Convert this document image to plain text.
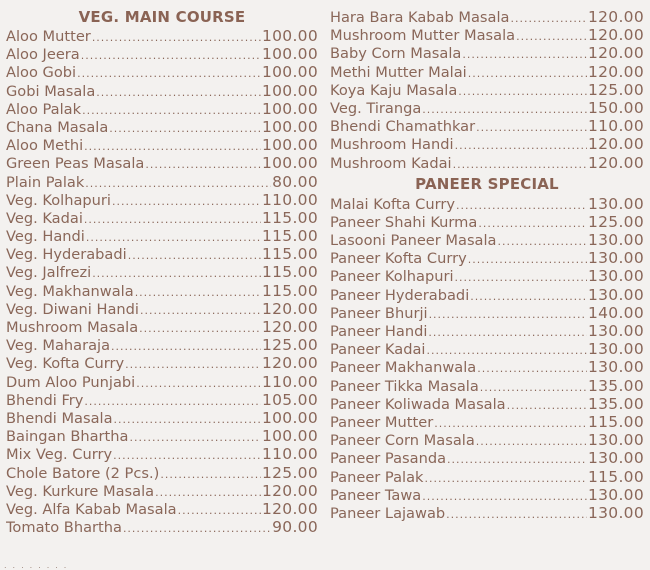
VEG. MAIN COURSE
Aloo Mutter .....	100.00
Aloo Jeera .....	100.00
Aloo Gobi .....	100.00
Gobi Masala .....	100.00
Aloo Palak .....	100.00
Chana Masala .....	100.00
Aloo Methi .....	100.00
Green Peas Masala .....	100.00
Plain Palak .....	80.00
Veg. Kolhapuri .....	110.00
Veg. Kadai .....	115.00
Veg. Handi .....	115.00
Veg. Hyderabadi .....	115.00
Veg. Jalfrezi .....	115.00
Veg. Makhanwala .....	115.00
Veg. Diwani Handi .....	120.00
Mushroom Masala .....	120.00
Veg. Maharaja .....	125.00
Veg. Kofta Curry .....	120.00
Dum Aloo Punjabi .....	110.00
Bhendi Fry .....	105.00
Bhendi Masala .....	100.00
Baingan Bhartha .....	100.00
Mix Veg. Curry .....	110.00
Chole Batore (2 Pcs.) .....	125.00
Veg. Kurkure Masala .....	120.00
Veg. Alfa Kabab Masala .....	120.00
Tomato Bhartha .....	90.00
Hara Bara Kabab Masala .....	120.00
Mushroom Mutter Masala .....	120.00
Baby Corn Masala .....	120.00
Methi Mutter Malai .....	120.00
Koya Kaju Masala .....	125.00
Veg. Tiranga .....	150.00
Bhendi Chamathkar .....	110.00
Mushroom Handi .....	120.00
Mushroom Kadai .....	120.00
PANEER SPECIAL
Malai Kofta Curry .....	130.00
Paneer Shahi Kurma .....	125.00
Lasooni Paneer Masala .....	130.00
Paneer Kofta Curry .....	130.00
Paneer Kolhapuri .....	130.00
Paneer Hyderabadi .....	130.00
Paneer Bhurji .....	140.00
Paneer Handi .....	130.00
Paneer Kadai .....	130.00
Paneer Makhanwala .....	130.00
Paneer Tikka Masala .....	135.00
Paneer Koliwada Masala .....	135.00
Paneer Mutter .....	115.00
Paneer Corn Masala .....	130.00
Paneer Pasanda .....	130.00
Paneer Palak .....	115.00
Paneer Tawa .....	130.00
Paneer Lajawab .....	130.00
........
